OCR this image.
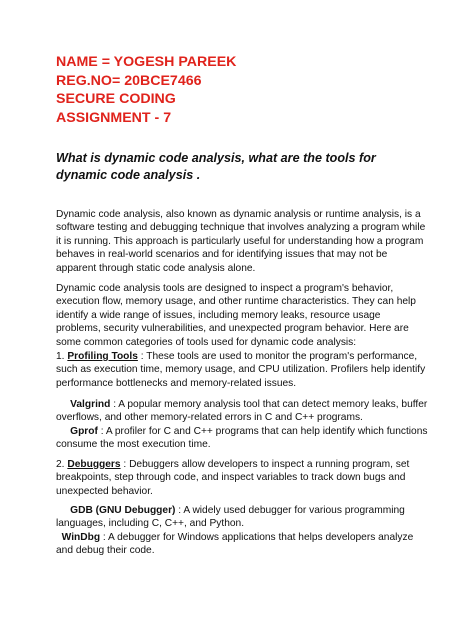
NAME = YOGESH PAREEK
REG.NO= 20BCE7466
SECURE CODING
ASSIGNMENT - 7
What is dynamic code analysis, what are the tools for dynamic code analysis .

Dynamic code analysis, also known as dynamic analysis or runtime analysis, is a software testing and debugging technique that involves analyzing a program while it is running. This approach is particularly useful for understanding how a program behaves in real-world scenarios and for identifying issues that may not be apparent through static code analysis alone.

Dynamic code analysis tools are designed to inspect a program's behavior, execution flow, memory usage, and other runtime characteristics. They can help identify a wide range of issues, including memory leaks, resource usage problems, security vulnerabilities, and unexpected program behavior. Here are some common categories of tools used for dynamic code analysis:

1. Profiling Tools : These tools are used to monitor the program's performance, such as execution time, memory usage, and CPU utilization. Profilers help identify performance bottlenecks and memory-related issues.

Valgrind : A popular memory analysis tool that can detect memory leaks, buffer overflows, and other memory-related errors in C and C++ programs.

Gprof : A profiler for C and C++ programs that can help identify which functions consume the most execution time.

2. Debuggers : Debuggers allow developers to inspect a running program, set breakpoints, step through code, and inspect variables to track down bugs and unexpected behavior.

GDB (GNU Debugger) : A widely used debugger for various programming languages, including C, C++, and Python.

WinDbg : A debugger for Windows applications that helps developers analyze and debug their code.
